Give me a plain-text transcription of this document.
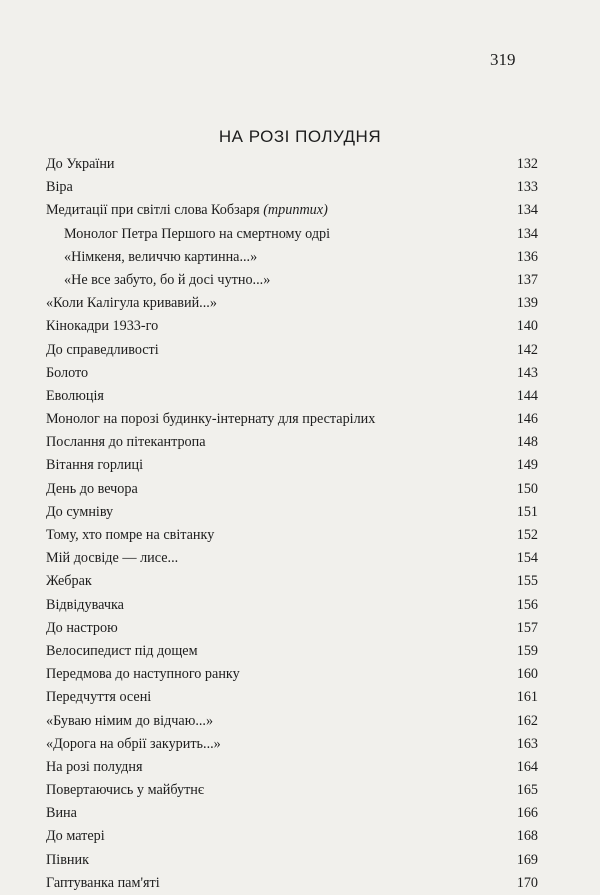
319
НА РОЗІ ПОЛУДНЯ
До України	132
Віра	133
Медитації при світлі слова Кобзаря (триптих)	134
Монолог Петра Першого на смертному одрі	134
«Німкеня, величчю картинна...»	136
«Не все забуто, бо й досі чутно...»	137
«Коли Калігула кривавий...»	139
Кінокадри 1933-го	140
До справедливості	142
Болото	143
Еволюція	144
Монолог на порозі будинку-інтернату для престарілих	146
Послання до пітекантропа	148
Вітання горлиці	149
День до вечора	150
До сумніву	151
Тому, хто помре на світанку	152
Мій досвіде — лисе...	154
Жебрак	155
Відвідувачка	156
До настрою	157
Велосипедист під дощем	159
Передмова до наступного ранку	160
Передчуття осені	161
«Буваю німим до відчаю...»	162
«Дорога на обрії закурить...»	163
На розі полудня	164
Повертаючись у майбутнє	165
Вина	166
До матері	168
Півник	169
Гаптуванка пам'яті	170
